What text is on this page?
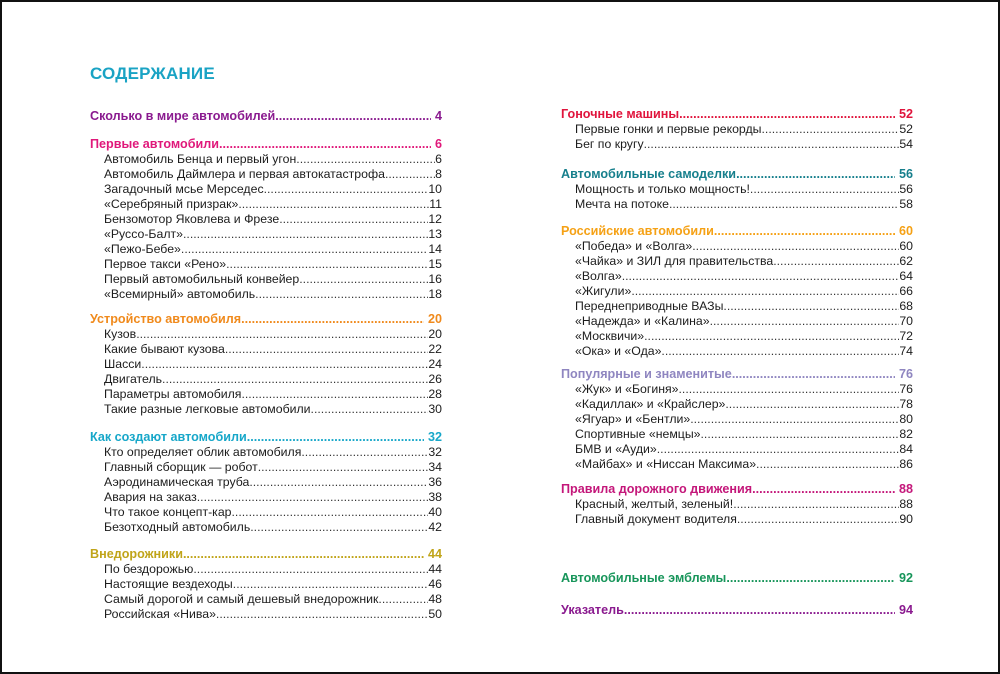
СОДЕРЖАНИЕ
Сколько в мире автомобилей .....	4
Первые автомобили .....	6
Автомобиль Бенца и первый угон .....	6
Автомобиль Даймлера и первая автокатастрофа .....	8
Загадочный мсье Мерседес .....	10
«Серебряный призрак» .....	11
Бензомотор Яковлева и Фрезе .....	12
«Руссо-Балт» .....	13
«Пежо-Бебе» .....	14
Первое такси «Рено» .....	15
Первый автомобильный конвейер .....	16
«Всемирный» автомобиль .....	18
Устройство автомобиля .....	20
Кузов .....	20
Какие бывают кузова .....	22
Шасси .....	24
Двигатель .....	26
Параметры автомобиля .....	28
Такие разные легковые автомобили .....	30
Как создают автомобили .....	32
Кто определяет облик автомобиля .....	32
Главный сборщик — робот .....	34
Аэродинамическая труба .....	36
Авария на заказ .....	38
Что такое концепт-кар .....	40
Безотходный автомобиль .....	42
Внедорожники .....	44
По бездорожью .....	44
Настоящие вездеходы .....	46
Самый дорогой и самый дешевый внедорожник .....	48
Российская «Нива» .....	50
Гоночные машины .....	52
Первые гонки и первые рекорды .....	52
Бег по кругу .....	54
Автомобильные самоделки .....	56
Мощность и только мощность! .....	56
Мечта на потоке .....	58
Российские автомобили .....	60
«Победа» и «Волга» .....	60
«Чайка» и ЗИЛ для правительства .....	62
«Волга» .....	64
«Жигули» .....	66
Переднеприводные ВАЗы .....	68
«Надежда» и «Калина» .....	70
«Москвичи» .....	72
«Ока» и «Ода» .....	74
Популярные и знаменитые .....	76
«Жук» и «Богиня» .....	76
«Кадиллак» и «Крайслер» .....	78
«Ягуар» и «Бентли» .....	80
Спортивные «немцы» .....	82
БМВ и «Ауди» .....	84
«Майбах» и «Ниссан Максима» .....	86
Правила дорожного движения .....	88
Красный, желтый, зеленый! .....	88
Главный документ водителя .....	90
Автомобильные эмблемы .....	92
Указатель .....	94
